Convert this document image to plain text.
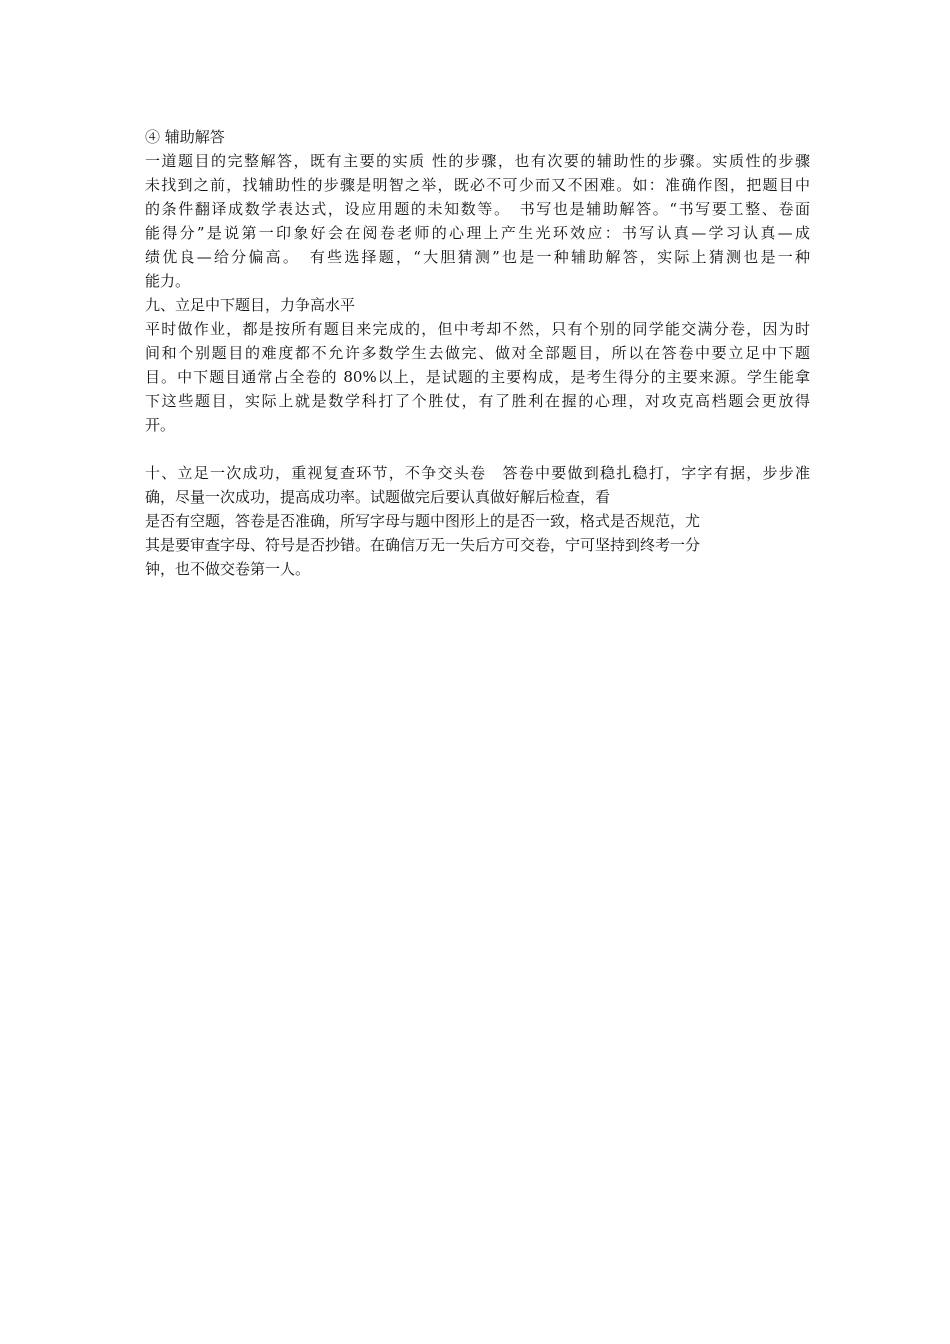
④ 辅助解答
一道题目的完整解答，既有主要的实质 性的步骤，也有次要的辅助性的步骤。实质性的步骤
未找到之前，找辅助性的步骤是明智之举，既必不可少而又不困难。如：准确作图，把题目中
的条件翻译成数学表达式，设应用题的未知数等。　书写也是辅助解答。“书写要工整、卷面
能得分”是说第一印象好会在阅卷老师的心理上产生光环效应：书写认真—学习认真—成
绩优良—给分偏高。　有些选择题，“大胆猜测”也是一种辅助解答，实际上猜测也是一种
能力。
九、立足中下题目，力争高水平
平时做作业，都是按所有题目来完成的，但中考却不然，只有个别的同学能交满分卷，因为时
间和个别题目的难度都不允许多数学生去做完、做对全部题目，所以在答卷中要立足中下题
目。中下题目通常占全卷的 80%以上，是试题的主要构成，是考生得分的主要来源。学生能拿
下这些题目，实际上就是数学科打了个胜仗，有了胜利在握的心理，对攻克高档题会更放得
开。
十、立足一次成功，重视复查环节，不争交头卷　答卷中要做到稳扎稳打，字字有据，步步准
确，尽量一次成功，提高成功率。试题做完后要认真做好解后检查，看
是否有空题，答卷是否准确，所写字母与题中图形上的是否一致，格式是否规范，尤
其是要审查字母、符号是否抄错。在确信万无一失后方可交卷，宁可坚持到终考一分
钟，也不做交卷第一人。
